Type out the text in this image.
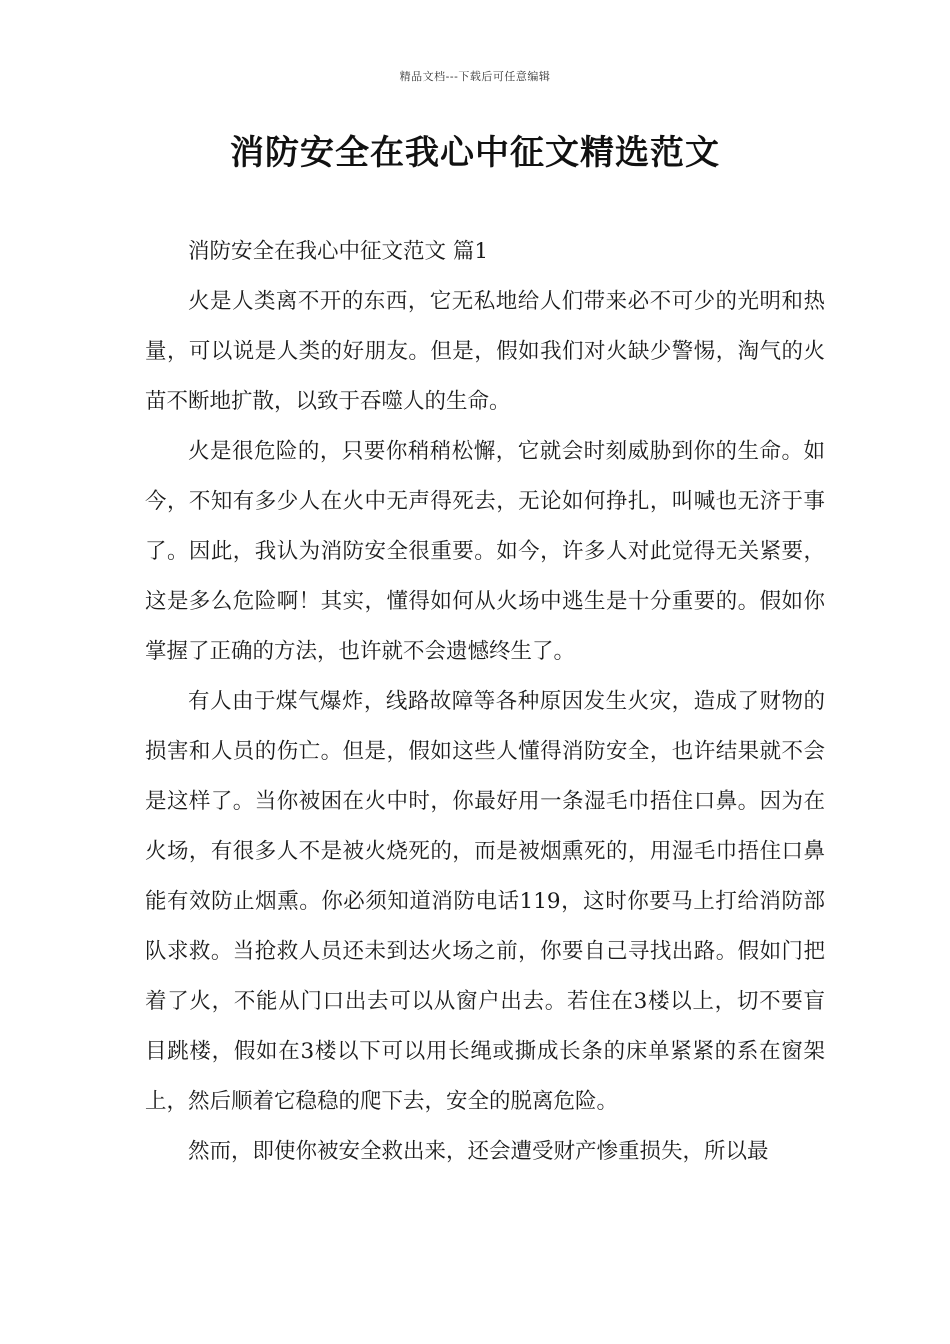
精品文档---下载后可任意编辑
消防安全在我心中征文精选范文

消防安全在我心中征文范文 篇1

火是人类离不开的东西，它无私地给人们带来必不可少的光明和热量，可以说是人类的好朋友。但是，假如我们对火缺少警惕，淘气的火苗不断地扩散，以致于吞噬人的生命。

火是很危险的，只要你稍稍松懈，它就会时刻威胁到你的生命。如今，不知有多少人在火中无声得死去，无论如何挣扎，叫喊也无济于事了。因此，我认为消防安全很重要。如今，许多人对此觉得无关紧要，这是多么危险啊！其实，懂得如何从火场中逃生是十分重要的。假如你掌握了正确的方法，也许就不会遗憾终生了。

有人由于煤气爆炸，线路故障等各种原因发生火灾，造成了财物的损害和人员的伤亡。但是，假如这些人懂得消防安全，也许结果就不会是这样了。当你被困在火中时，你最好用一条湿毛巾捂住口鼻。因为在火场，有很多人不是被火烧死的，而是被烟熏死的，用湿毛巾捂住口鼻能有效防止烟熏。你必须知道消防电话119，这时你要马上打给消防部队求救。当抢救人员还未到达火场之前，你要自己寻找出路。假如门把着了火，不能从门口出去可以从窗户出去。若住在3楼以上，切不要盲目跳楼，假如在3楼以下可以用长绳或撕成长条的床单紧紧的系在窗架上，然后顺着它稳稳的爬下去，安全的脱离危险。

然而，即使你被安全救出来，还会遭受财产惨重损失，所以最
